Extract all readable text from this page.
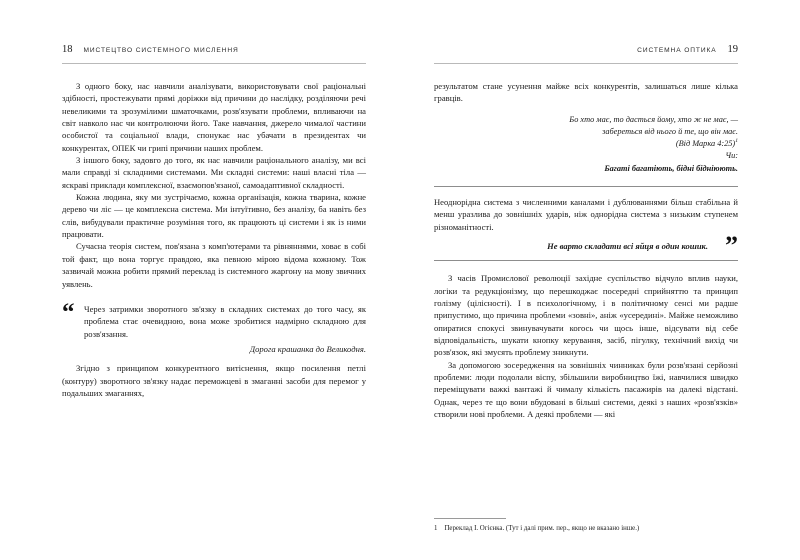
18 МИСТЕЦТВО СИСТЕМНОГО МИСЛЕННЯ

З одного боку, нас навчили аналізувати, використовувати свої раціональні здібності, простежувати прямі доріжки від причини до наслідку, розділяючи речі невеликими та зрозумілими шматочками, розв'язувати проблеми, впливаючи на світ навколо нас чи контролюючи його. Таке навчання, джерело чималої частини особистої та соціальної влади, спонукає нас убачати в президентах чи конкурентах, ОПЕК чи грипі причини наших проблем.

З іншого боку, задовго до того, як нас навчили раціонального аналізу, ми всі мали справді зі складними системами. Ми складні системи: наші власні тіла — яскраві приклади комплексної, взаємопов'язаної, самоадаптивної складності.

Кожна людина, яку ми зустрічаємо, кожна організація, кожна тварина, кожне дерево чи ліс — це комплексна система. Ми інтуїтивно, без аналізу, ба навіть без слів, вибудували практичне розуміння того, як працюють ці системи і як із ними працювати.

Сучасна теорія систем, пов'язана з комп'ютерами та рівняннями, ховає в собі той факт, що вона торгує правдою, яка певною мірою відома кожному. Тож зазвичай можна робити прямий переклад із системного жаргону на мову звичних уявлень.

“ Через затримки зворотного зв'язку в складних системах до того часу, як проблема стає очевидною, вона може зробитися надмірно складною для розв'язання.

Дорога крашанка до Великодня.

Згідно з принципом конкурентного витіснення, якщо посилення петлі (контуру) зворотного зв'язку надає переможцеві в змаганні засоби для перемог у подальших змаганнях,

СИСТЕМНА ОПТИКА 19

результатом стане усунення майже всіх конкурентів, залишаться лише кілька гравців.

Бо хто має, то дасться йому, хто ж не має, —

забереться від нього й те, що він має.

(Від Марка 4:25)$^1$

Чи:

Багаті багатіють, бідні бідніюють.

Неоднорідна система з численними каналами і дублюваннями більш стабільна й менш уразлива до зовнішніх ударів, ніж однорідна система з низьким ступенем різноманітності.

Не варто складати всі яйця в один кошик. ”

З часів Промислової революції західне суспільство відчуло вплив науки, логіки та редукціонізму, що перешкоджає посередні сприйняттю та принцип голізму (цілісності). І в психологічному, і в політичному сенсі ми радше припустимо, що причина проблеми «зовні», аніж «усередині». Майже неможливо опиратися спокусі звинувачувати когось чи щось інше, відсувати від себе відповідальність, шукати кнопку керування, засіб, пігулку, технічний вихід чи розв'язок, які змусять проблему зникнути.

За допомогою зосередження на зовнішніх чинниках були розв'язані серйозні проблеми: люди подолали віспу, збільшили виробництво їжі, навчилися швидко переміщувати важкі вантажі й чималу кількість пасажирів на далекі відстані. Однак, через те що вони вбудовані в більші системи, деякі з наших «розв'язків» створили нові проблеми. А деякі проблеми — які

1 Переклад І. Огієнка. (Тут і далі прим. пер., якщо не вказано інше.)
